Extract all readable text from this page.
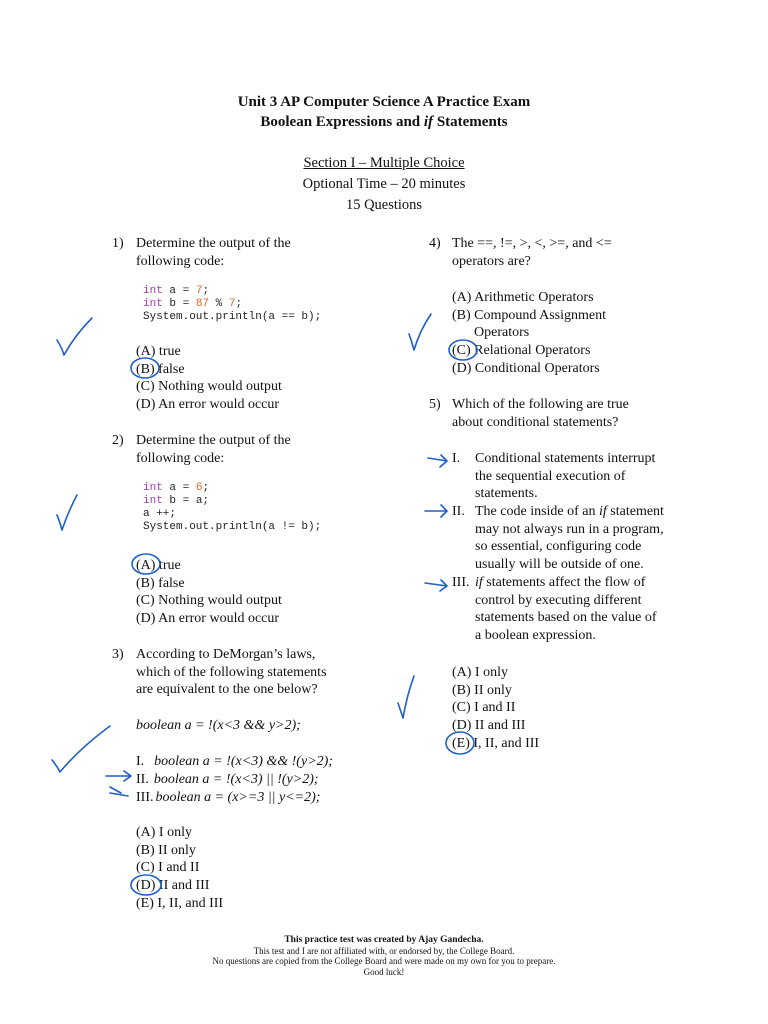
Unit 3 AP Computer Science A Practice Exam
Boolean Expressions and if Statements
Section I – Multiple Choice
Optional Time – 20 minutes
15 Questions
1) Determine the output of the
following code:
int a = 7;
int b = 87 % 7;
System.out.println(a == b);
(A) true
(B) false
(C) Nothing would output
(D) An error would occur
2) Determine the output of the
following code:
int a = 6;
int b = a;
a ++;
System.out.println(a != b);
(A) true
(B) false
(C) Nothing would output
(D) An error would occur
3) According to DeMorgan’s laws,
which of the following statements
are equivalent to the one below?
boolean a = !(x<3 && y>2);
I. boolean a = !(x<3) && !(y>2);
II. boolean a = !(x<3) || !(y>2);
III. boolean a = (x>=3 || y<=2);
(A) I only
(B) II only
(C) I and II
(D) II and III
(E) I, II, and III
4) The ==, !=, >, <, >=, and <=
operators are?
(A) Arithmetic Operators
(B) Compound Assignment
Operators
(C) Relational Operators
(D) Conditional Operators
5) Which of the following are true
about conditional statements?
I. Conditional statements interrupt
the sequential execution of
statements.
II. The code inside of an if statement
may not always run in a program,
so essential, configuring code
usually will be outside of one.
III. if statements affect the flow of
control by executing different
statements based on the value of
a boolean expression.
(A) I only
(B) II only
(C) I and II
(D) II and III
(E) I, II, and III
This practice test was created by Ajay Gandecha.
This test and I are not affiliated with, or endorsed by, the College Board.
No questions are copied from the College Board and were made on my own for you to prepare.
Good luck!
